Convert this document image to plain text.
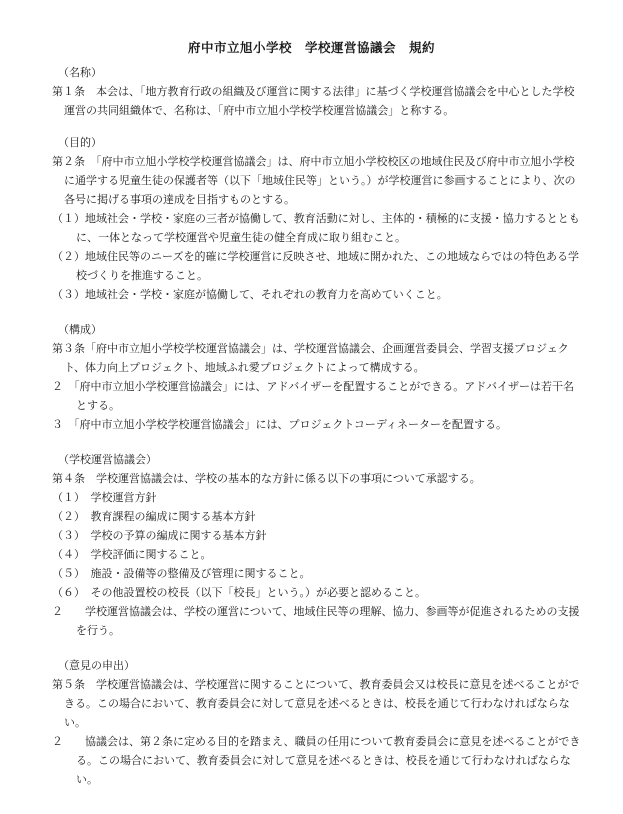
府中市立旭小学校　学校運営協議会　規約

（名称）

第１条　本会は、「地方教育行政の組織及び運営に関する法律」に基づく学校運営協議会を中心とした学校運営の共同組織体で、名称は、「府中市立旭小学校学校運営協議会」と称する。

（目的）

第２条　「府中市立旭小学校学校運営協議会」は、府中市立旭小学校校区の地域住民及び府中市立旭小学校に通学する児童生徒の保護者等（以下「地域住民等」という。）が学校運営に参画することにより、次の各号に掲げる事項の達成を目指すものとする。

（１）地域社会・学校・家庭の三者が協働して、教育活動に対し、主体的・積極的に支援・協力するとともに、一体となって学校運営や児童生徒の健全育成に取り組むこと。

（２）地域住民等のニーズを的確に学校運営に反映させ、地域に開かれた、この地域ならではの特色ある学校づくりを推進すること。

（３）地域社会・学校・家庭が協働して、それぞれの教育力を高めていくこと。

（構成）

第３条「府中市立旭小学校学校運営協議会」は、学校運営協議会、企画運営委員会、学習支援プロジェクト、体力向上プロジェクト、地域ふれ愛プロジェクトによって構成する。

２　「府中市立旭小学校運営協議会」には、アドバイザーを配置することができる。アドバイザーは若干名とする。

３　「府中市立旭小学校学校運営協議会」には、プロジェクトコーディネーターを配置する。

（学校運営協議会）

第４条　学校運営協議会は、学校の基本的な方針に係る以下の事項について承認する。

（１）　学校運営方針

（２）　教育課程の編成に関する基本方針

（３）　学校の予算の編成に関する基本方針

（４）　学校評価に関すること。

（５）　施設・設備等の整備及び管理に関すること。

（６）　その他設置校の校長（以下「校長」という。）が必要と認めること。

２　　学校運営協議会は、学校の運営について、地域住民等の理解、協力、参画等が促進されるための支援を行う。

（意見の申出）

第５条　学校運営協議会は、学校運営に関することについて、教育委員会又は校長に意見を述べることができる。この場合において、教育委員会に対して意見を述べるときは、校長を通じて行わなければならない。

２　　協議会は、第２条に定める目的を踏まえ、職員の任用について教育委員会に意見を述べることができる。この場合において、教育委員会に対して意見を述べるときは、校長を通じて行わなければならない。
